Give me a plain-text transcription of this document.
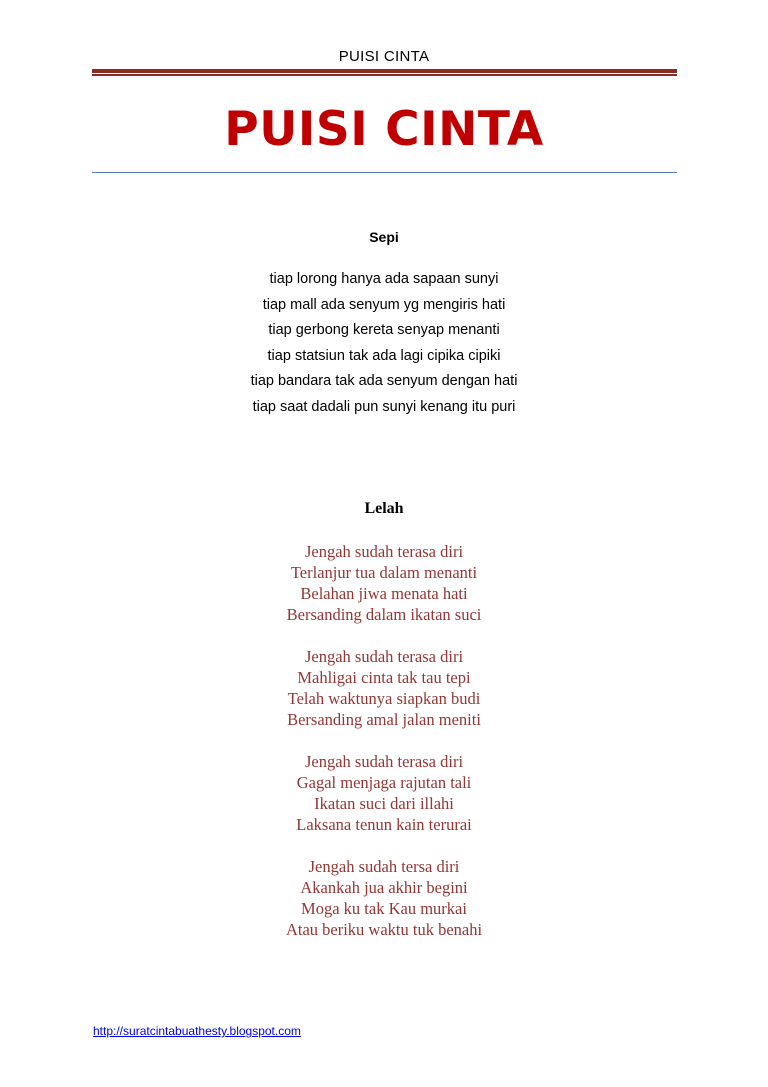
PUISI CINTA
PUISI CINTA
Sepi
tiap lorong hanya ada sapaan sunyi
tiap mall ada senyum yg mengiris hati
tiap gerbong kereta senyap menanti
tiap statsiun tak ada lagi cipika cipiki
tiap bandara tak ada senyum dengan hati
tiap saat dadali pun sunyi kenang itu puri
Lelah
Jengah sudah terasa diri
Terlanjur tua dalam menanti
Belahan jiwa menata hati
Bersanding dalam ikatan suci
Jengah sudah terasa diri
Mahligai cinta tak tau tepi
Telah waktunya siapkan budi
Bersanding amal jalan meniti
Jengah sudah terasa diri
Gagal menjaga rajutan tali
Ikatan suci dari illahi
Laksana tenun kain terurai
Jengah sudah tersa diri
Akankah jua akhir begini
Moga ku tak Kau murkai
Atau beriku waktu tuk benahi
http://suratcintabuathesty.blogspot.com
